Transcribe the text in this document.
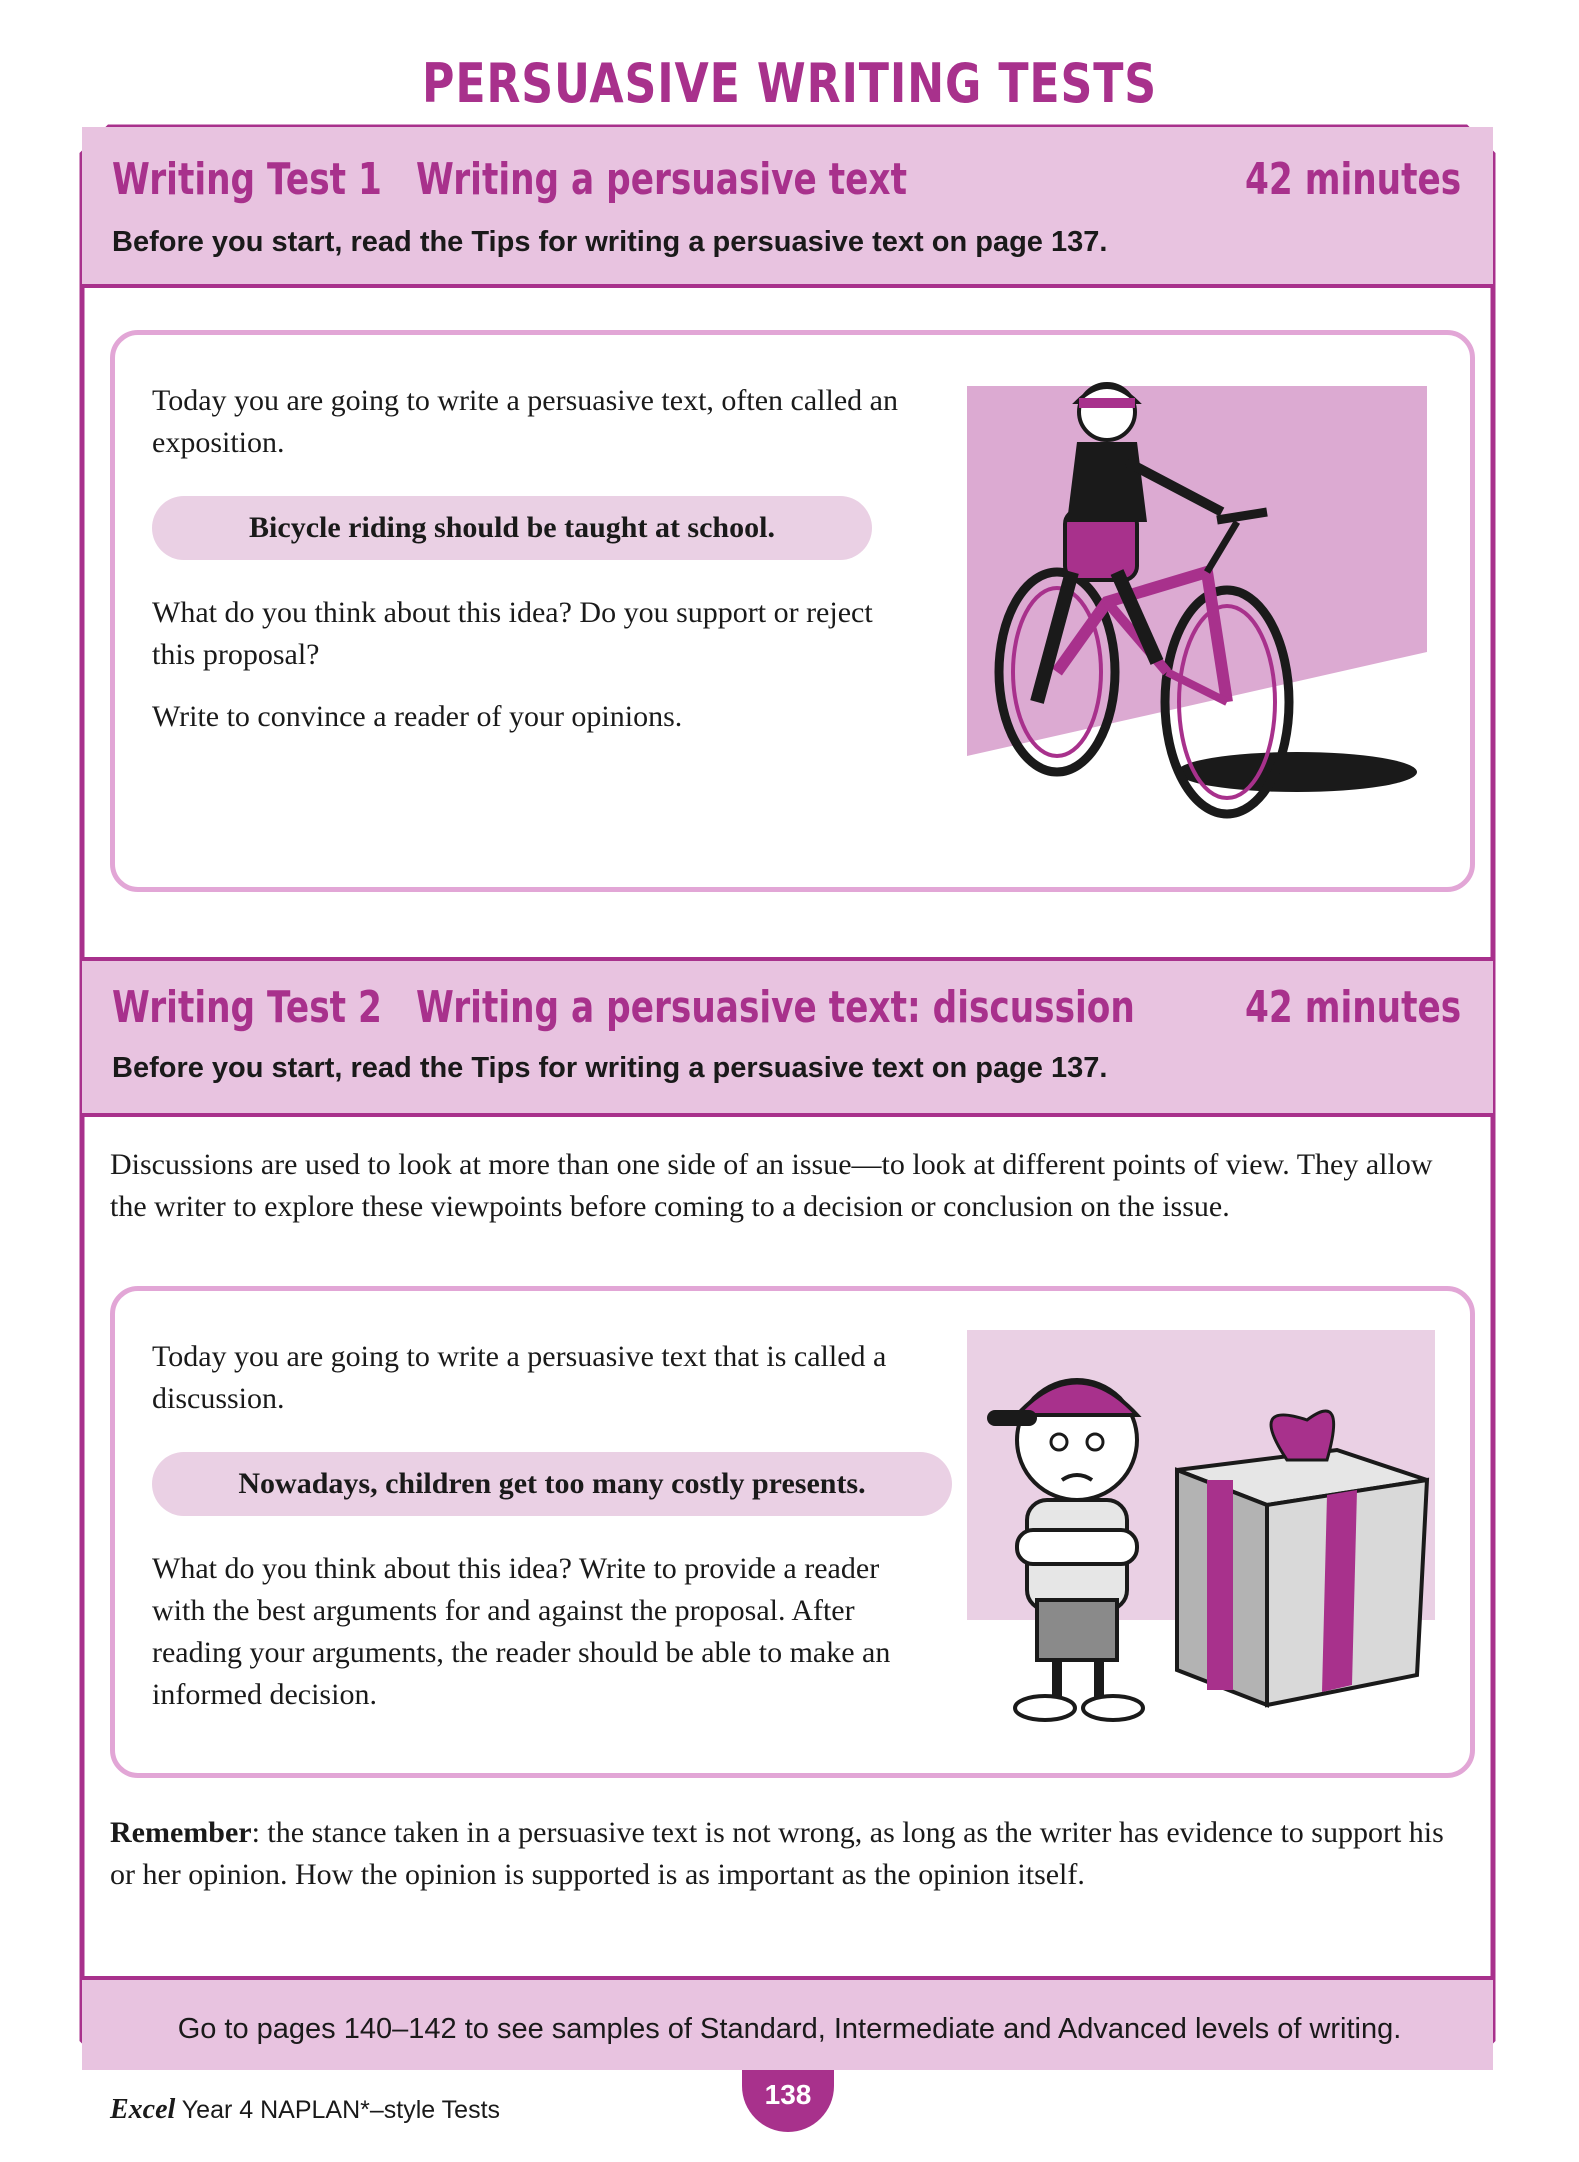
PERSUASIVE WRITING TESTS
Writing Test 1 Writing a persuasive text	42 minutes
Before you start, read the Tips for writing a persuasive text on page 137.
Today you are going to write a persuasive text, often called an exposition.
Bicycle riding should be taught at school.
What do you think about this idea? Do you support or reject this proposal?
Write to convince a reader of your opinions.
Writing Test 2 Writing a persuasive text: discussion 42 minutes
Before you start, read the Tips for writing a persuasive text on page 137.
Discussions are used to look at more than one side of an issue—to look at different points of view. They allow the writer to explore these viewpoints before coming to a decision or conclusion on the issue.
Today you are going to write a persuasive text that is called a discussion.
Nowadays, children get too many costly presents.
What do you think about this idea? Write to provide a reader with the best arguments for and against the proposal. After reading your arguments, the reader should be able to make an informed decision.
Remember: the stance taken in a persuasive text is not wrong, as long as the writer has evidence to support his or her opinion. How the opinion is supported is as important as the opinion itself.
Go to pages 140–142 to see samples of Standard, Intermediate and Advanced levels of writing.
Excel Year 4 NAPLAN*–style Tests	138
